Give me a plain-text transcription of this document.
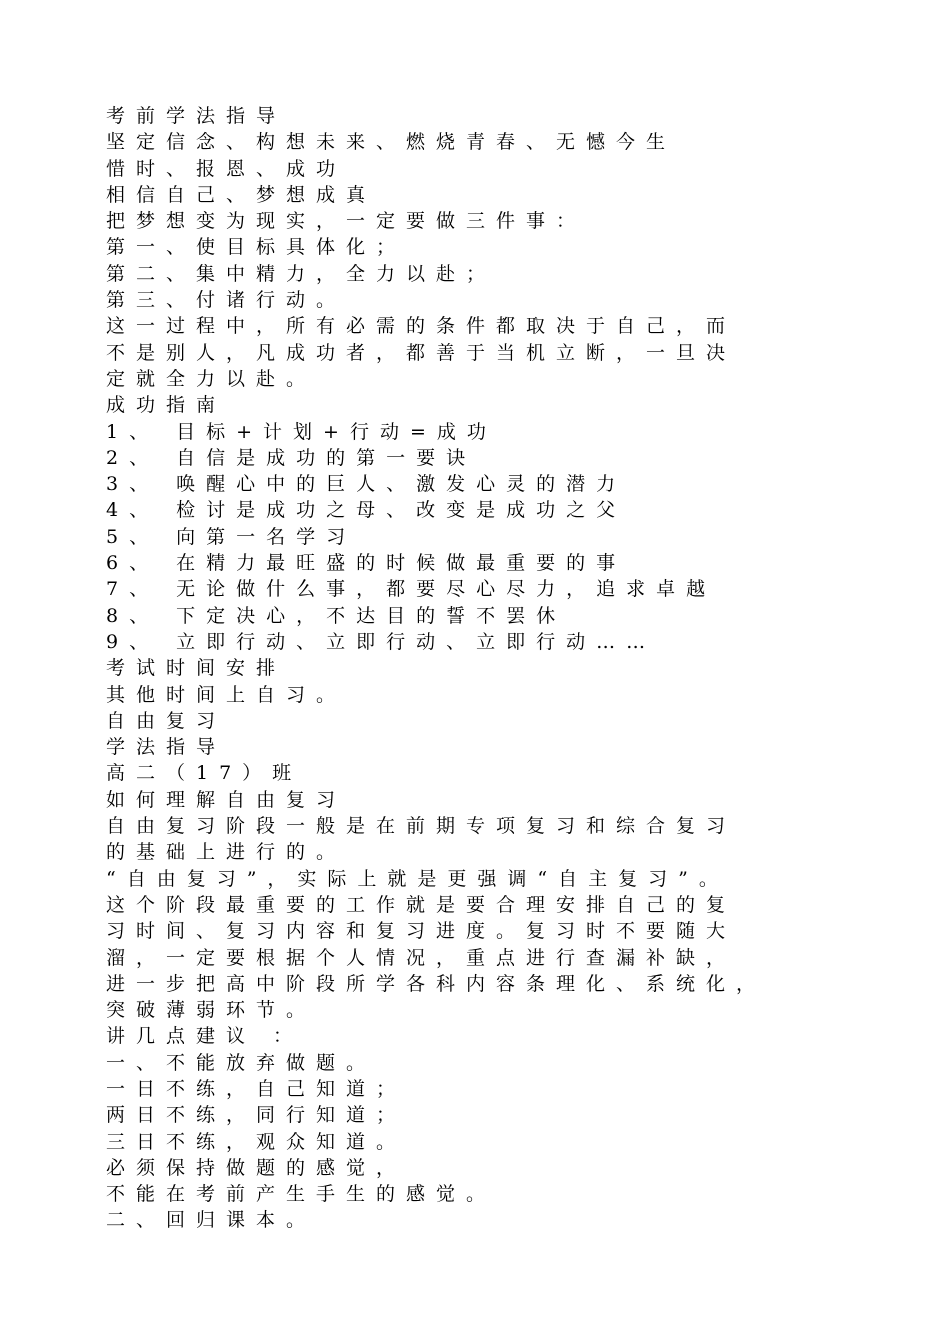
考前学法指导
坚定信念、构想未来、燃烧青春、无憾今生
惜时、报恩、成功
相信自己、梦想成真
把梦想变为现实，一定要做三件事：
第一、使目标具体化；
第二、集中精力，全力以赴；
第三、付诸行动。
这一过程中，所有必需的条件都取决于自己，而
不是别人，凡成功者，都善于当机立断，一旦决
定就全力以赴。
成功指南
1、 目标+计划+行动=成功
2、 自信是成功的第一要诀
3、 唤醒心中的巨人、激发心灵的潜力
4、 检讨是成功之母、改变是成功之父
5、 向第一名学习
6、 在精力最旺盛的时候做最重要的事
7、 无论做什么事，都要尽心尽力，追求卓越
8、 下定决心，不达目的誓不罢休
9、 立即行动、立即行动、立即行动……
考试时间安排
其他时间上自习。
自由复习
学法指导
高二（17）班
如何理解自由复习
自由复习阶段一般是在前期专项复习和综合复习
的基础上进行的。
“自由复习”，实际上就是更强调“自主复习”。
这个阶段最重要的工作就是要合理安排自己的复
习时间、复习内容和复习进度。复习时不要随大
溜，一定要根据个人情况，重点进行查漏补缺，
进一步把高中阶段所学各科内容条理化、系统化，
突破薄弱环节。
讲几点建议 ：
一、不能放弃做题。
一日不练，自己知道；
两日不练，同行知道；
三日不练，观众知道。
必须保持做题的感觉，
不能在考前产生手生的感觉。
二、回归课本。
